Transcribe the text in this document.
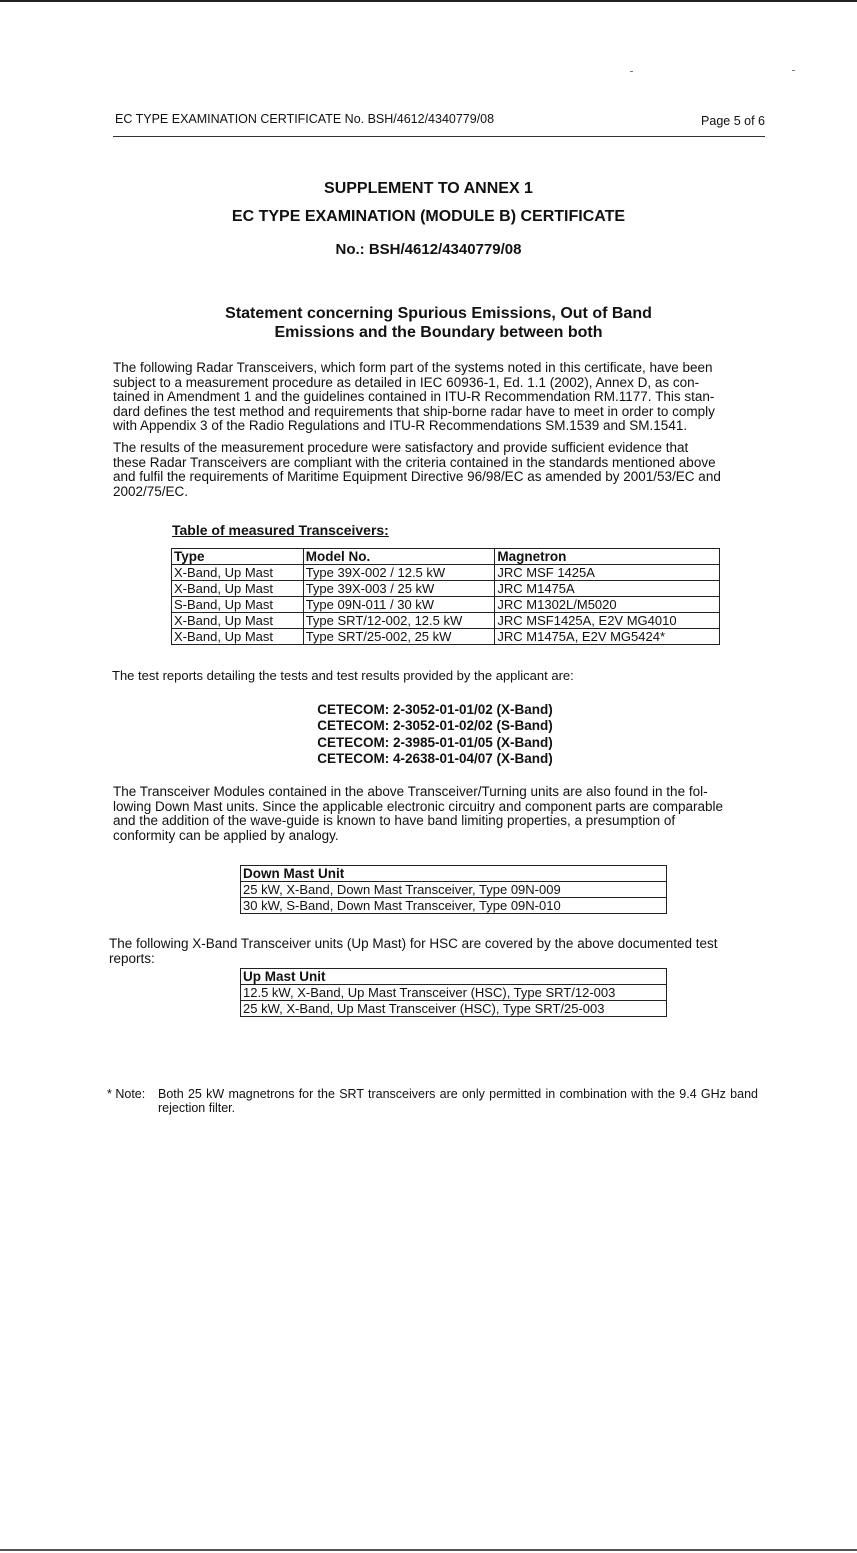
EC TYPE EXAMINATION CERTIFICATE No. BSH/4612/4340779/08	Page 5 of 6
SUPPLEMENT TO ANNEX 1
EC TYPE EXAMINATION (MODULE B) CERTIFICATE
No.: BSH/4612/4340779/08
Statement concerning Spurious Emissions, Out of Band
Emissions and the Boundary between both
The following Radar Transceivers, which form part of the systems noted in this certificate, have been
subject to a measurement procedure as detailed in IEC 60936-1, Ed. 1.1 (2002), Annex D, as con-
tained in Amendment 1 and the guidelines contained in ITU-R Recommendation RM.1177. This stan-
dard defines the test method and requirements that ship-borne radar have to meet in order to comply
with Appendix 3 of the Radio Regulations and ITU-R Recommendations SM.1539 and SM.1541.
The results of the measurement procedure were satisfactory and provide sufficient evidence that
these Radar Transceivers are compliant with the criteria contained in the standards mentioned above
and fulfil the requirements of Maritime Equipment Directive 96/98/EC as amended by 2001/53/EC and
2002/75/EC.
Table of measured Transceivers:
Type	Model No.	Magnetron
X-Band, Up Mast	Type 39X-002 / 12.5 kW	JRC MSF 1425A
X-Band, Up Mast	Type 39X-003 / 25 kW	JRC M1475A
S-Band, Up Mast	Type 09N-011 / 30 kW	JRC M1302L/M5020
X-Band, Up Mast	Type SRT/12-002, 12.5 kW	JRC MSF1425A, E2V MG4010
X-Band, Up Mast	Type SRT/25-002, 25 kW	JRC M1475A, E2V MG5424*
The test reports detailing the tests and test results provided by the applicant are:
CETECOM: 2-3052-01-01/02 (X-Band)
CETECOM: 2-3052-01-02/02 (S-Band)
CETECOM: 2-3985-01-01/05 (X-Band)
CETECOM: 4-2638-01-04/07 (X-Band)
The Transceiver Modules contained in the above Transceiver/Turning units are also found in the fol-
lowing Down Mast units. Since the applicable electronic circuitry and component parts are comparable
and the addition of the wave-guide is known to have band limiting properties, a presumption of
conformity can be applied by analogy.
Down Mast Unit
25 kW, X-Band, Down Mast Transceiver, Type 09N-009
30 kW, S-Band, Down Mast Transceiver, Type 09N-010
The following X-Band Transceiver units (Up Mast) for HSC are covered by the above documented test
reports:
Up Mast Unit
12.5 kW, X-Band, Up Mast Transceiver (HSC), Type SRT/12-003
25 kW, X-Band, Up Mast Transceiver (HSC), Type SRT/25-003
* Note: Both 25 kW magnetrons for the SRT transceivers are only permitted in combination with the 9.4 GHz band rejection filter.
